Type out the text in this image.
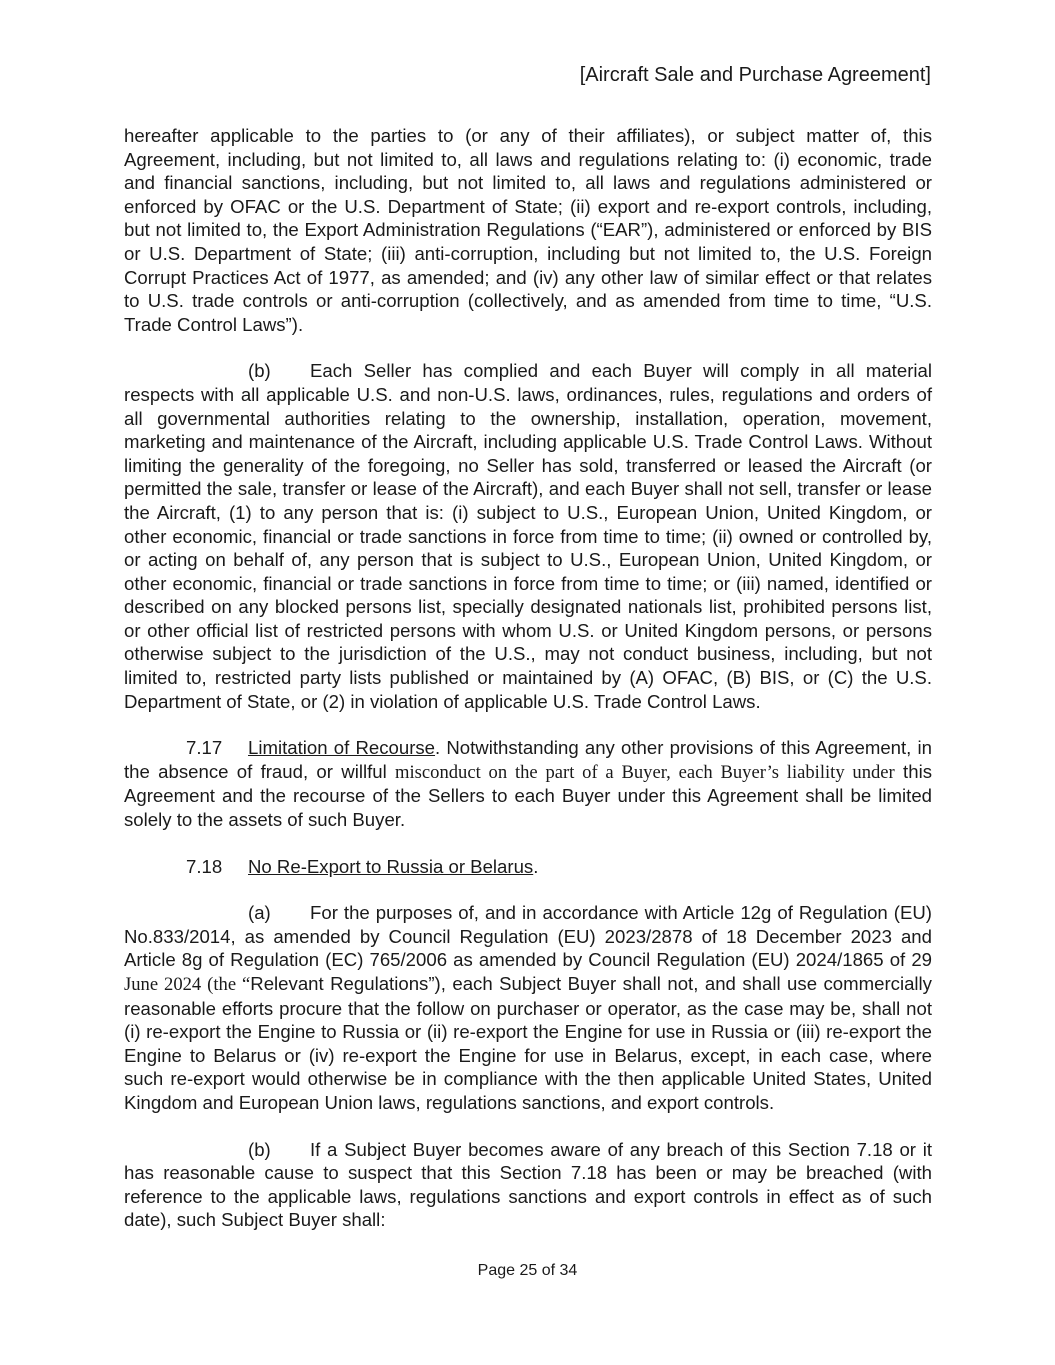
[Aircraft Sale and Purchase Agreement]

hereafter applicable to the parties to (or any of their affiliates), or subject matter of, this Agreement, including, but not limited to, all laws and regulations relating to: (i) economic, trade and financial sanctions, including, but not limited to, all laws and regulations administered or enforced by OFAC or the U.S. Department of State; (ii) export and re-export controls, including, but not limited to, the Export Administration Regulations (“EAR”), administered or enforced by BIS or U.S. Department of State; (iii) anti-corruption, including but not limited to, the U.S. Foreign Corrupt Practices Act of 1977, as amended; and (iv) any other law of similar effect or that relates to U.S. trade controls or anti-corruption (collectively, and as amended from time to time, “U.S. Trade Control Laws”).

(b) Each Seller has complied and each Buyer will comply in all material respects with all applicable U.S. and non-U.S. laws, ordinances, rules, regulations and orders of all governmental authorities relating to the ownership, installation, operation, movement, marketing and maintenance of the Aircraft, including applicable U.S. Trade Control Laws. Without limiting the generality of the foregoing, no Seller has sold, transferred or leased the Aircraft (or permitted the sale, transfer or lease of the Aircraft), and each Buyer shall not sell, transfer or lease the Aircraft, (1) to any person that is: (i) subject to U.S., European Union, United Kingdom, or other economic, financial or trade sanctions in force from time to time; (ii) owned or controlled by, or acting on behalf of, any person that is subject to U.S., European Union, United Kingdom, or other economic, financial or trade sanctions in force from time to time; or (iii) named, identified or described on any blocked persons list, specially designated nationals list, prohibited persons list, or other official list of restricted persons with whom U.S. or United Kingdom persons, or persons otherwise subject to the jurisdiction of the U.S., may not conduct business, including, but not limited to, restricted party lists published or maintained by (A) OFAC, (B) BIS, or (C) the U.S. Department of State, or (2) in violation of applicable U.S. Trade Control Laws.

7.17 Limitation of Recourse. Notwithstanding any other provisions of this Agreement, in the absence of fraud, or willful misconduct on the part of a Buyer, each Buyer’s liability under this Agreement and the recourse of the Sellers to each Buyer under this Agreement shall be limited solely to the assets of such Buyer.

7.18 No Re-Export to Russia or Belarus.

(a) For the purposes of, and in accordance with Article 12g of Regulation (EU) No.833/2014, as amended by Council Regulation (EU) 2023/2878 of 18 December 2023 and Article 8g of Regulation (EC) 765/2006 as amended by Council Regulation (EU) 2024/1865 of 29 June 2024 (the “Relevant Regulations”), each Subject Buyer shall not, and shall use commercially reasonable efforts procure that the follow on purchaser or operator, as the case may be, shall not (i) re-export the Engine to Russia or (ii) re-export the Engine for use in Russia or (iii) re-export the Engine to Belarus or (iv) re-export the Engine for use in Belarus, except, in each case, where such re-export would otherwise be in compliance with the then applicable United States, United Kingdom and European Union laws, regulations sanctions, and export controls.

(b) If a Subject Buyer becomes aware of any breach of this Section 7.18 or it has reasonable cause to suspect that this Section 7.18 has been or may be breached (with reference to the applicable laws, regulations sanctions and export controls in effect as of such date), such Subject Buyer shall:

Page 25 of 34
